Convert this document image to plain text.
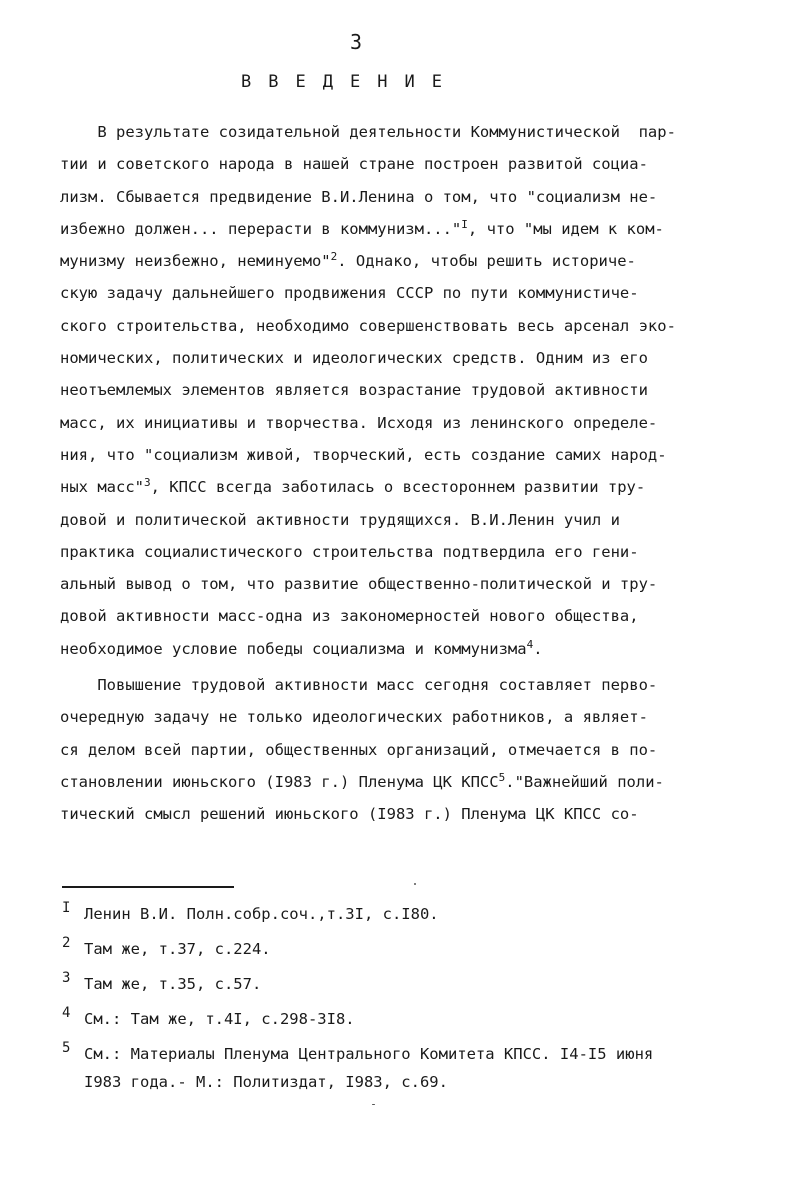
3
ВВЕДЕНИЕ
В результате созидательной деятельности Коммунистической  пар-
тии и советского народа в нашей стране построен развитой социа-
лизм. Сбывается предвидение В.И.Ленина о том, что "социализм не-
избежно должен... перерасти в коммунизм..."$^I$, что "мы идем к ком-
мунизму неизбежно, неминуемо"$^2$. Однако, чтобы решить историче-
скую задачу дальнейшего продвижения СССР по пути коммунистиче-
ского строительства, необходимо совершенствовать весь арсенал эко-
номических, политических и идеологических средств. Одним из его
неотъемлемых элементов является возрастание трудовой активности
масс, их инициативы и творчества. Исходя из ленинского определе-
ния, что "социализм живой, творческий, есть создание самих народ-
ных масс"$^3$, КПСС всегда заботилась о всестороннем развитии тру-
довой и политической активности трудящихся. В.И.Ленин учил и
практика социалистического строительства подтвердила его гени-
альный вывод о том, что развитие общественно-политической и тру-
довой активности масс-одна из закономерностей нового общества,
необходимое условие победы социализма и коммунизма$^4$.
Повышение трудовой активности масс сегодня составляет перво-
очередную задачу не только идеологических работников, а являет-
ся делом всей партии, общественных организаций, отмечается в по-
становлении июньского (I983 г.) Пленума ЦК КПСС$^5$."Важнейший поли-
тический смысл решений июньского (I983 г.) Пленума ЦК КПСС со-
I Ленин В.И. Полн.собр.соч.,т.3I, с.I80.
2 Там же, т.37, с.224.
3 Там же, т.35, с.57.
4 См.: Там же, т.4I, с.298-3I8.
5 См.: Материалы Пленума Центрального Комитета КПСС. I4-I5 июня
I983 года.- М.: Политиздат, I983, с.69.
